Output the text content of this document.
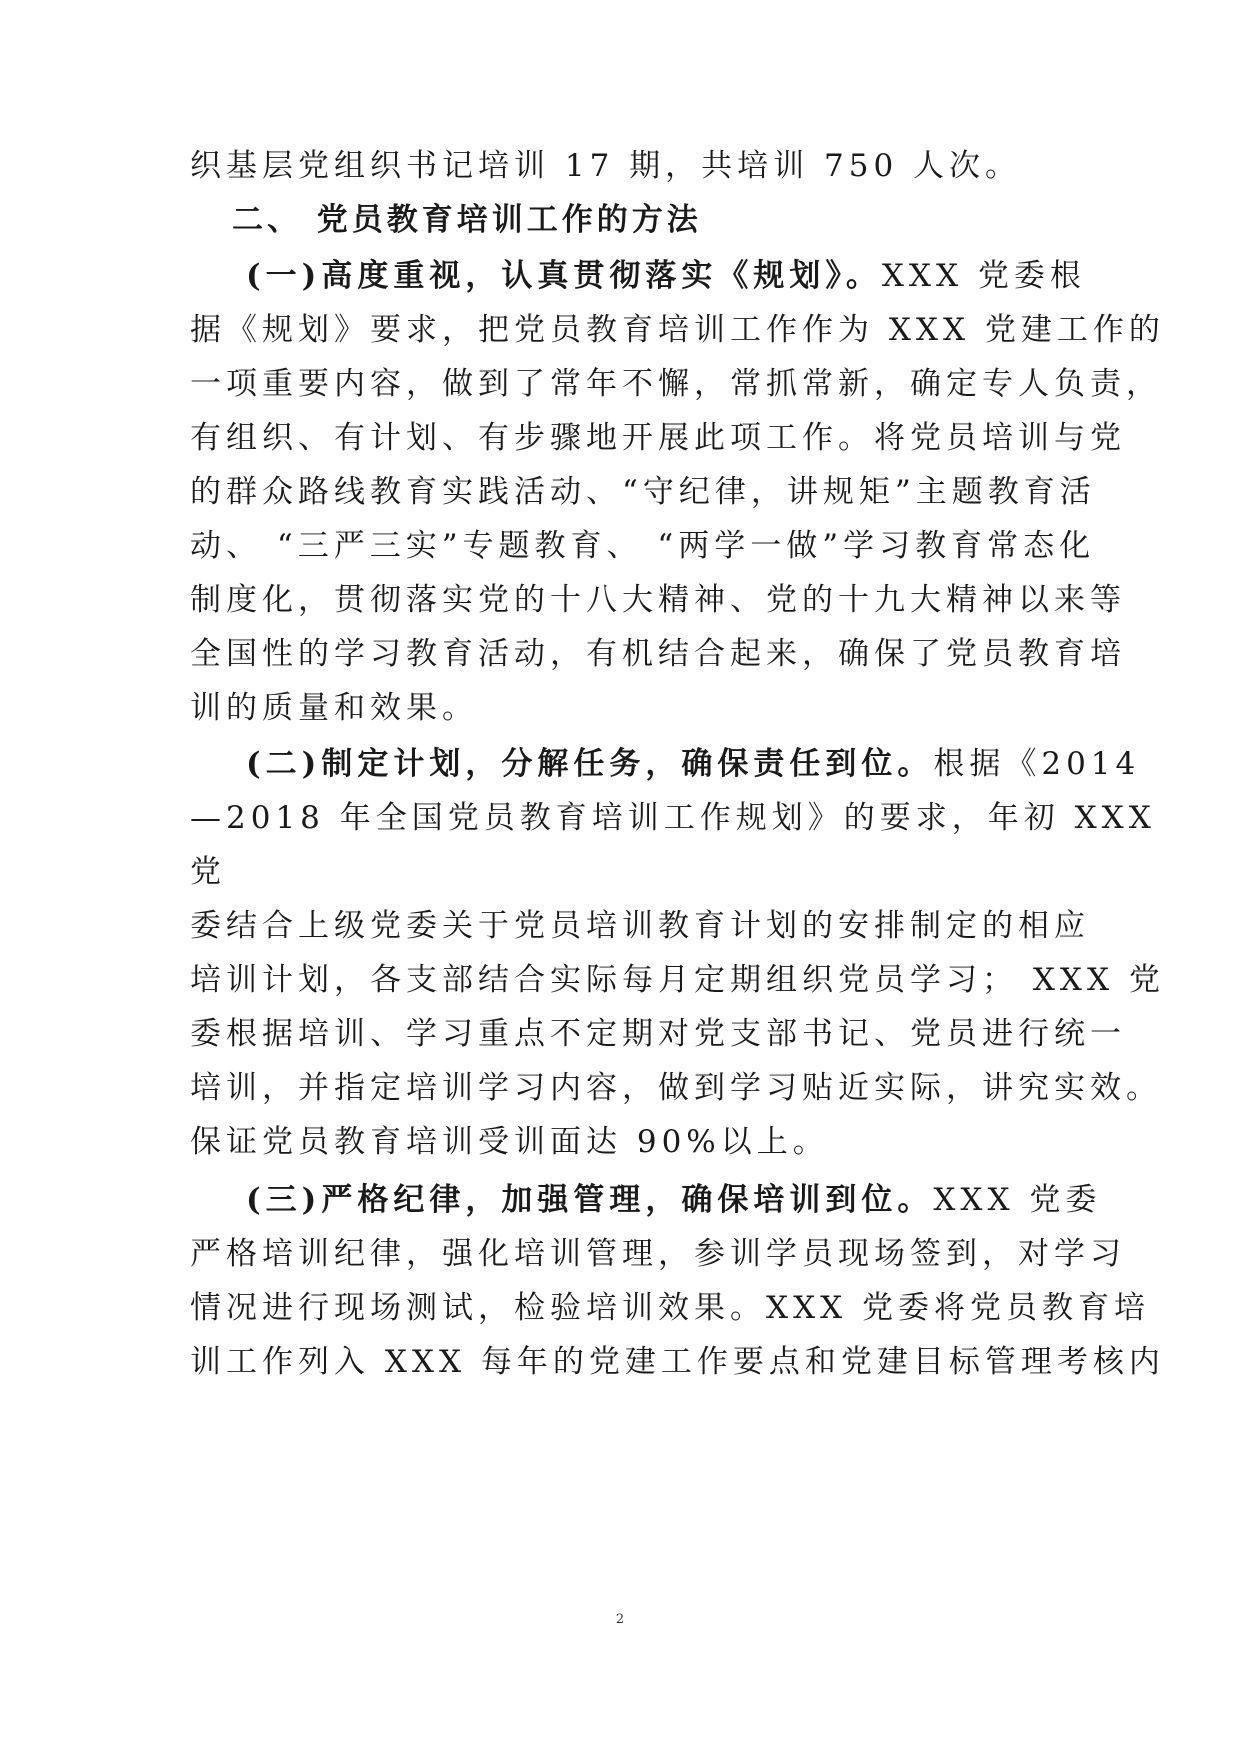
织基层党组织书记培训 17 期，共培训 750 人次。
二、 党员教育培训工作的方法
(一)高度重视，认真贯彻落实《规划》。XXX 党委根
据《规划》要求，把党员教育培训工作作为 XXX 党建工作的
一项重要内容，做到了常年不懈，常抓常新，确定专人负责，
有组织、有计划、有步骤地开展此项工作。将党员培训与党
的群众路线教育实践活动、“守纪律，讲规矩”主题教育活
动、 “三严三实”专题教育、 “两学一做”学习教育常态化
制度化，贯彻落实党的十八大精神、党的十九大精神以来等
全国性的学习教育活动，有机结合起来，确保了党员教育培
训的质量和效果。
(二)制定计划，分解任务，确保责任到位。根据《2014
—2018 年全国党员教育培训工作规划》的要求，年初 XXX
党
委结合上级党委关于党员培训教育计划的安排制定的相应
培训计划，各支部结合实际每月定期组织党员学习； XXX 党
委根据培训、学习重点不定期对党支部书记、党员进行统一
培训，并指定培训学习内容，做到学习贴近实际，讲究实效。
保证党员教育培训受训面达 90%以上。
(三)严格纪律，加强管理，确保培训到位。XXX 党委
严格培训纪律，强化培训管理，参训学员现场签到，对学习
情况进行现场测试，检验培训效果。XXX 党委将党员教育培
训工作列入 XXX 每年的党建工作要点和党建目标管理考核内
2
